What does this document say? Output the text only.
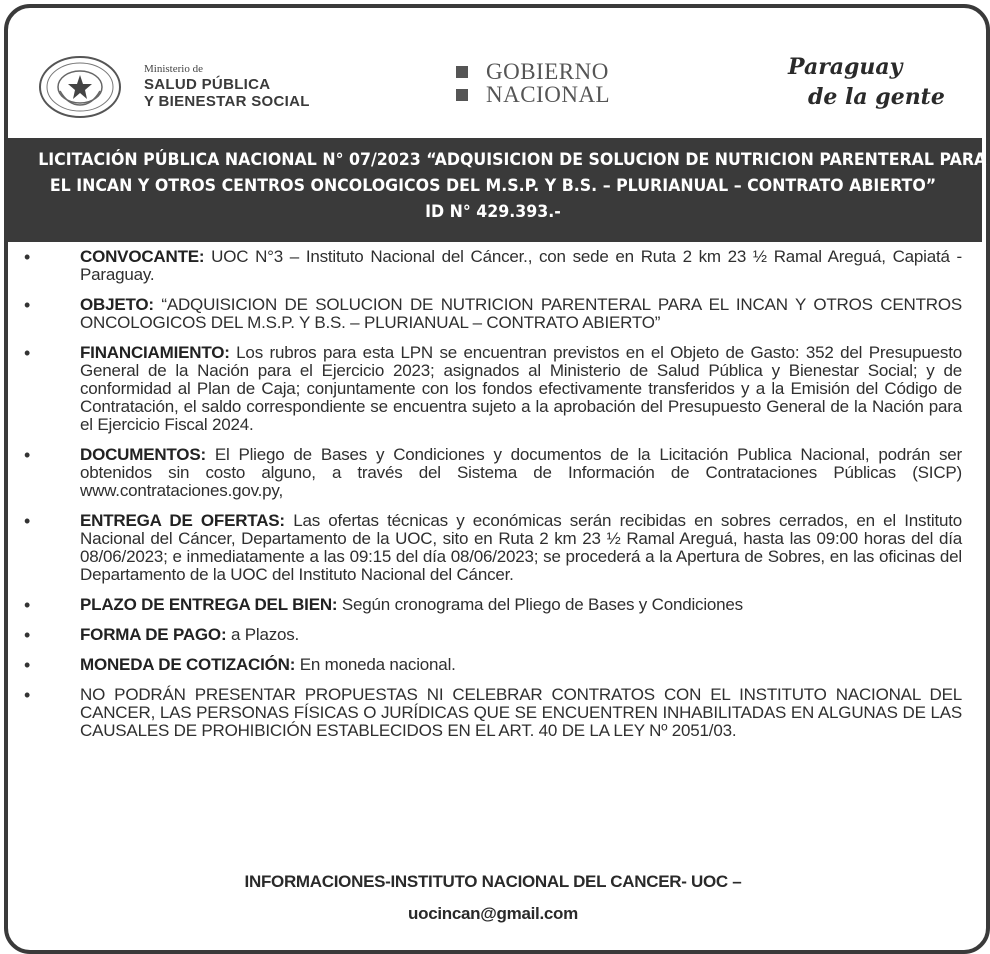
Ministerio de
SALUD PÚBLICA
Y BIENESTAR SOCIAL
GOBIERNO
NACIONAL
Paraguay
de la gente
LICITACIÓN PÚBLICA NACIONAL N° 07/2023 “ADQUISICION DE SOLUCION DE NUTRICION PARENTERAL PARA
EL INCAN Y OTROS CENTROS ONCOLOGICOS DEL M.S.P. Y B.S. – PLURIANUAL – CONTRATO ABIERTO”
ID N° 429.393.-
•	CONVOCANTE: UOC N°3 – Instituto Nacional del Cáncer., con sede en Ruta 2 km 23 ½ Ramal Areguá, Capiatá - Paraguay.
•	OBJETO: “ADQUISICION DE SOLUCION DE NUTRICION PARENTERAL PARA EL INCAN Y OTROS CENTROS ONCOLOGICOS DEL M.S.P. Y B.S. – PLURIANUAL – CONTRATO ABIERTO”
•	FINANCIAMIENTO: Los rubros para esta LPN se encuentran previstos en el Objeto de Gasto: 352 del Presupuesto General de la Nación para el Ejercicio 2023; asignados al Ministerio de Salud Pública y Bienestar Social; y de conformidad al Plan de Caja; conjuntamente con los fondos efectivamente transferidos y a la Emisión del Código de Contratación, el saldo correspondiente se encuentra sujeto a la aprobación del Presupuesto General de la Nación para el Ejercicio Fiscal 2024.
•	DOCUMENTOS: El Pliego de Bases y Condiciones y documentos de la Licitación Publica Nacional, podrán ser obtenidos sin costo alguno, a través del Sistema de Información de Contrataciones Públicas (SICP) www.contrataciones.gov.py,
•	ENTREGA DE OFERTAS: Las ofertas técnicas y económicas serán recibidas en sobres cerrados, en el Instituto Nacional del Cáncer, Departamento de la UOC, sito en Ruta 2 km 23 ½ Ramal Areguá, hasta las 09:00 horas del día 08/06/2023; e inmediatamente a las 09:15 del día 08/06/2023; se procederá a la Apertura de Sobres, en las oficinas del Departamento de la UOC del Instituto Nacional del Cáncer.
•	PLAZO DE ENTREGA DEL BIEN: Según cronograma del Pliego de Bases y Condiciones
•	FORMA DE PAGO: a Plazos.
•	MONEDA DE COTIZACIÓN: En moneda nacional.
•	NO PODRÁN PRESENTAR PROPUESTAS NI CELEBRAR CONTRATOS CON EL INSTITUTO NACIONAL DEL CANCER, LAS PERSONAS FÍSICAS O JURÍDICAS QUE SE ENCUENTREN INHABILITADAS EN ALGUNAS DE LAS CAUSALES DE PROHIBICIÓN ESTABLECIDOS EN EL ART. 40 DE LA LEY Nº 2051/03.
INFORMACIONES-INSTITUTO NACIONAL DEL CANCER- UOC –
uocincan@gmail.com
